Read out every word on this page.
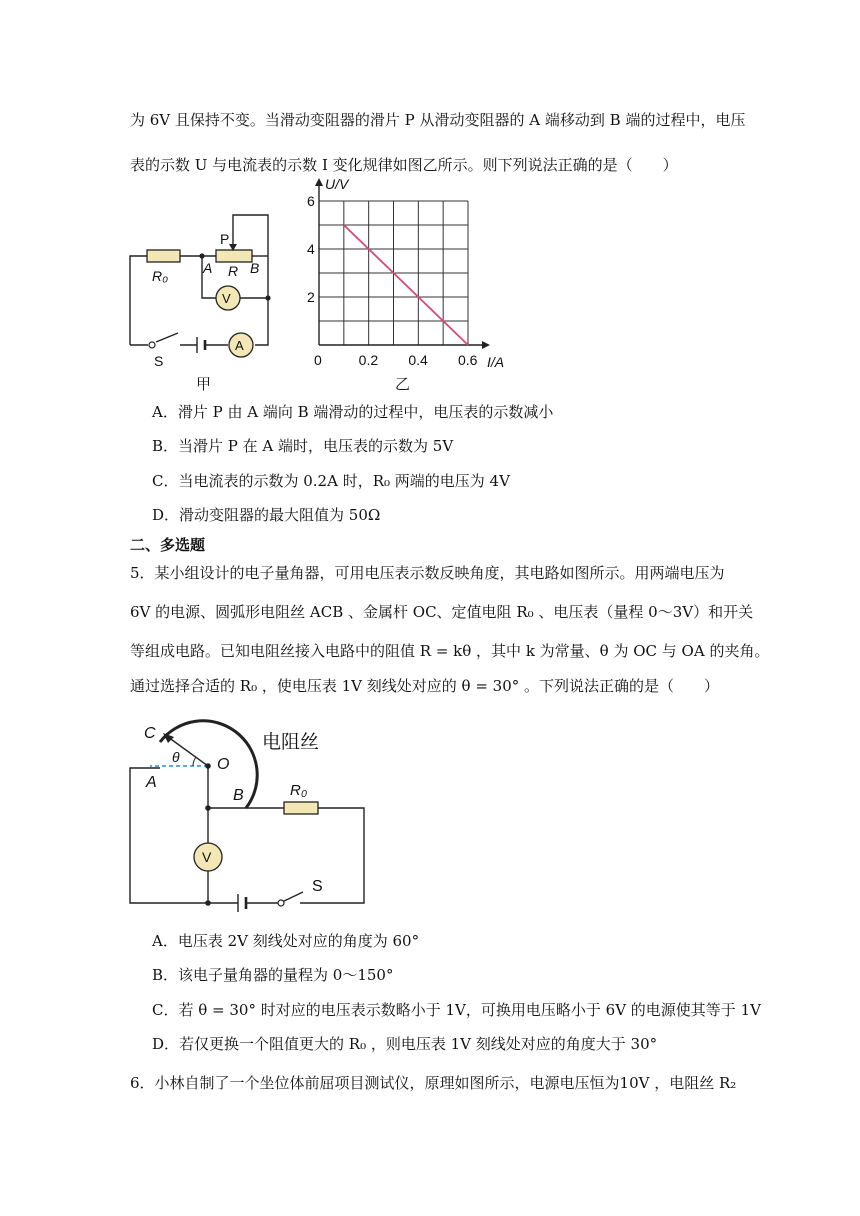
为 6V 且保持不变。当滑动变阻器的滑片 P 从滑动变阻器的 A 端移动到 B 端的过程中，电压
表的示数 U 与电流表的示数 I 变化规律如图乙所示。则下列说法正确的是（　　）
R₀
P
A R B
V
A
S
甲
0.2 0.4 0.6
6
4
2
U/V
I/A
0
乙
A．滑片 P 由 A 端向 B 端滑动的过程中，电压表的示数减小
B．当滑片 P 在 A 端时，电压表的示数为 5V
C．当电流表的示数为 0.2A 时，R₀ 两端的电压为 4V
D．滑动变阻器的最大阻值为 50Ω
二、多选题
5．某小组设计的电子量角器，可用电压表示数反映角度，其电路如图所示。用两端电压为
6V 的电源、圆弧形电阻丝 ACB 、金属杆 OC、定值电阻 R₀ 、电压表（量程 0～3V）和开关
等组成电路。已知电阻丝接入电路中的阻值 R = kθ ，其中 k 为常量、θ 为 OC 与 OA 的夹角。
通过选择合适的 R₀ ，使电压表 1V 刻线处对应的 θ = 30° 。下列说法正确的是（　　）
C
θ O
A
B
电阻丝
R₀
V
S
A．电压表 2V 刻线处对应的角度为 60°
B．该电子量角器的量程为 0～150°
C．若 θ = 30° 时对应的电压表示数略小于 1V，可换用电压略小于 6V 的电源使其等于 1V
D．若仅更换一个阻值更大的 R₀ ，则电压表 1V 刻线处对应的角度大于 30°
6．小林自制了一个坐位体前屈项目测试仪，原理如图所示，电源电压恒为10V ，电阻丝 R₂
